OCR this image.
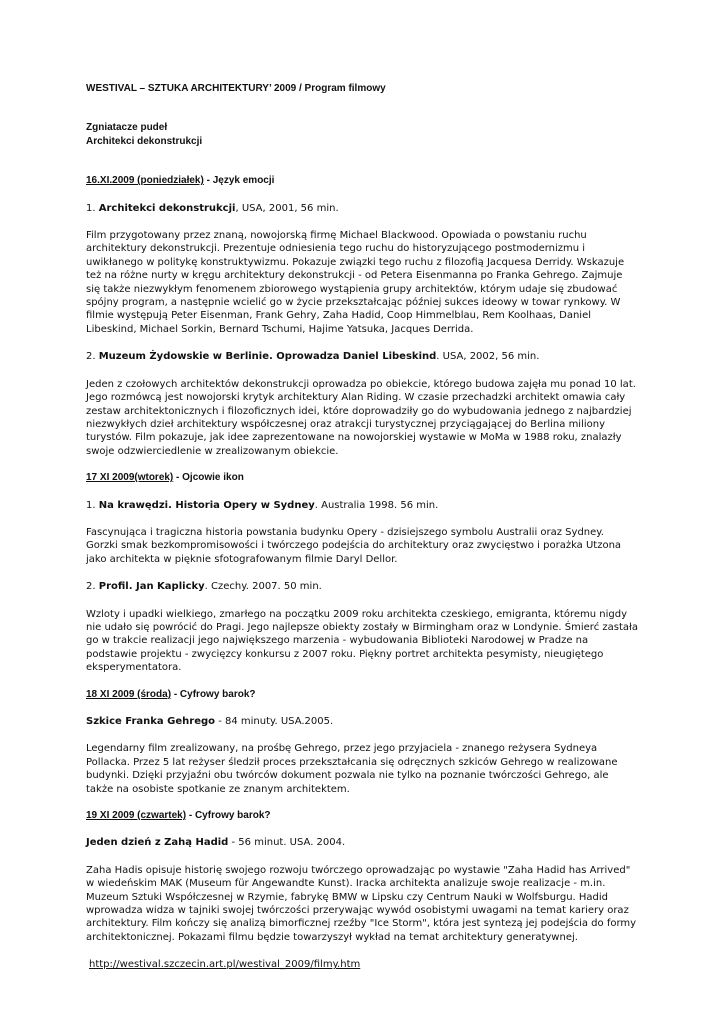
WESTIVAL – SZTUKA ARCHITEKTURY’ 2009 / Program filmowy

Zgniatacze pudeł

Architekci dekonstrukcji

16.XI.2009 (poniedziałek) - Język emocji

1. Architekci dekonstrukcji, USA, 2001, 56 min.

Film przygotowany przez znaną, nowojorską firmę Michael Blackwood. Opowiada o powstaniu ruchu architektury dekonstrukcji. Prezentuje odniesienia tego ruchu do historyzującego postmodernizmu i uwikłanego w politykę konstruktywizmu. Pokazuje związki tego ruchu z filozofią Jacquesa Derridy. Wskazuje też na różne nurty w kręgu architektury dekonstrukcji - od Petera Eisenmanna po Franka Gehrego. Zajmuje się także niezwykłym fenomenem zbiorowego wystąpienia grupy architektów, którym udaje się zbudować spójny program, a następnie wcielić go w życie przekształcając później sukces ideowy w towar rynkowy. W filmie występują Peter Eisenman, Frank Gehry, Zaha Hadid, Coop Himmelblau, Rem Koolhaas, Daniel Libeskind, Michael Sorkin, Bernard Tschumi, Hajime Yatsuka, Jacques Derrida.

2. Muzeum Żydowskie w Berlinie. Oprowadza Daniel Libeskind. USA, 2002, 56 min.

Jeden z czołowych architektów dekonstrukcji oprowadza po obiekcie, którego budowa zajęła mu ponad 10 lat. Jego rozmówcą jest nowojorski krytyk architektury Alan Riding. W czasie przechadzki architekt omawia cały zestaw architektonicznych i filozoficznych idei, które doprowadziły go do wybudowania jednego z najbardziej niezwykłych dzieł architektury współczesnej oraz atrakcji turystycznej przyciągającej do Berlina miliony turystów. Film pokazuje, jak idee zaprezentowane na nowojorskiej wystawie w MoMa w 1988 roku, znalazły swoje odzwierciedlenie w zrealizowanym obiekcie.

17 XI 2009(wtorek) - Ojcowie ikon

1. Na krawędzi. Historia Opery w Sydney. Australia 1998. 56 min.

Fascynująca i tragiczna historia powstania budynku Opery - dzisiejszego symbolu Australii oraz Sydney. Gorzki smak bezkompromisowości i twórczego podejścia do architektury oraz zwycięstwo i porażka Utzona jako architekta w pięknie sfotografowanym filmie Daryl Dellor.

2. Profil. Jan Kaplicky. Czechy. 2007. 50 min.

Wzloty i upadki wielkiego, zmarłego na początku 2009 roku architekta czeskiego, emigranta, któremu nigdy nie udało się powrócić do Pragi. Jego najlepsze obiekty zostały w Birmingham oraz w Londynie. Śmierć zastała go w trakcie realizacji jego największego marzenia - wybudowania Biblioteki Narodowej w Pradze na podstawie projektu - zwycięzcy konkursu z 2007 roku. Piękny portret architekta pesymisty, nieugiętego eksperymentatora.

18 XI 2009 (środa) - Cyfrowy barok?

Szkice Franka Gehrego - 84 minuty. USA.2005.

Legendarny film zrealizowany, na prośbę Gehrego, przez jego przyjaciela - znanego reżysera Sydneya Pollacka. Przez 5 lat reżyser śledził proces przekształcania się odręcznych szkiców Gehrego w realizowane budynki. Dzięki przyjaźni obu twórców dokument pozwala nie tylko na poznanie twórczości Gehrego, ale także na osobiste spotkanie ze znanym architektem.

19 XI 2009 (czwartek) - Cyfrowy barok?

Jeden dzień z Zahą Hadid - 56 minut. USA. 2004.

Zaha Hadis opisuje historię swojego rozwoju twórczego oprowadzając po wystawie "Zaha Hadid has Arrived" w wiedeńskim MAK (Museum für Angewandte Kunst). Iracka architekta analizuje swoje realizacje - m.in. Muzeum Sztuki Współczesnej w Rzymie, fabrykę BMW w Lipsku czy Centrum Nauki w Wolfsburgu. Hadid wprowadza widza w tajniki swojej twórczości przerywając wywód osobistymi uwagami na temat kariery oraz architektury. Film kończy się analizą bimorficznej rzeźby "Ice Storm", która jest syntezą jej podejścia do formy architektonicznej. Pokazami filmu będzie towarzyszył wykład na temat architektury generatywnej.

http://westival.szczecin.art.pl/westival_2009/filmy.htm
